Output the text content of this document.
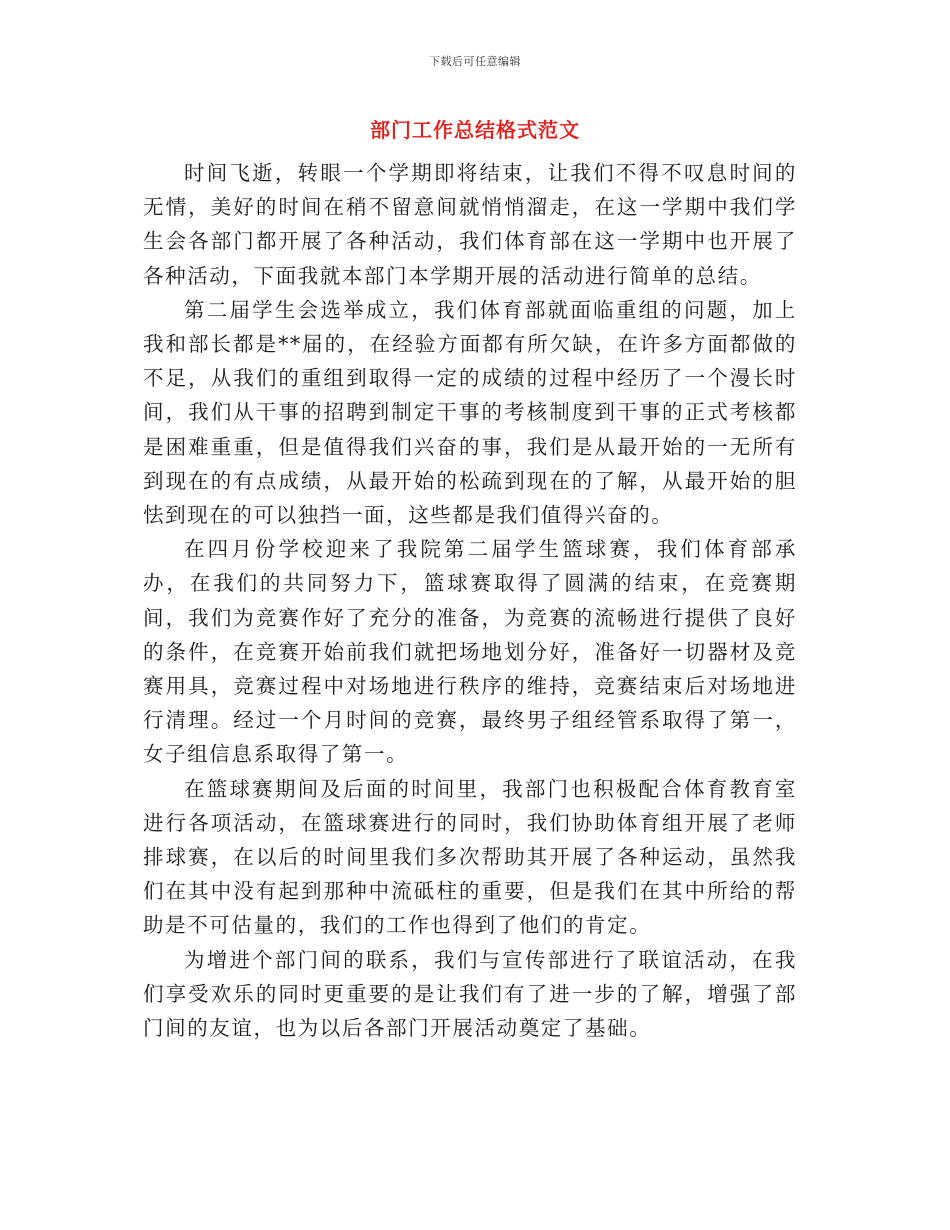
下载后可任意编辑
部门工作总结格式范文

时间飞逝，转眼一个学期即将结束，让我们不得不叹息时间的无情，美好的时间在稍不留意间就悄悄溜走，在这一学期中我们学生会各部门都开展了各种活动，我们体育部在这一学期中也开展了各种活动，下面我就本部门本学期开展的活动进行简单的总结。

第二届学生会选举成立，我们体育部就面临重组的问题，加上我和部长都是**届的，在经验方面都有所欠缺，在许多方面都做的不足，从我们的重组到取得一定的成绩的过程中经历了一个漫长时间，我们从干事的招聘到制定干事的考核制度到干事的正式考核都是困难重重，但是值得我们兴奋的事，我们是从最开始的一无所有到现在的有点成绩，从最开始的松疏到现在的了解，从最开始的胆怯到现在的可以独挡一面，这些都是我们值得兴奋的。

在四月份学校迎来了我院第二届学生篮球赛，我们体育部承办，在我们的共同努力下，篮球赛取得了圆满的结束，在竞赛期间，我们为竞赛作好了充分的准备，为竞赛的流畅进行提供了良好的条件，在竞赛开始前我们就把场地划分好，准备好一切器材及竞赛用具，竞赛过程中对场地进行秩序的维持，竞赛结束后对场地进行清理。经过一个月时间的竞赛，最终男子组经管系取得了第一，女子组信息系取得了第一。

在篮球赛期间及后面的时间里，我部门也积极配合体育教育室进行各项活动，在篮球赛进行的同时，我们协助体育组开展了老师排球赛，在以后的时间里我们多次帮助其开展了各种运动，虽然我们在其中没有起到那种中流砥柱的重要，但是我们在其中所给的帮助是不可估量的，我们的工作也得到了他们的肯定。

为增进个部门间的联系，我们与宣传部进行了联谊活动，在我们享受欢乐的同时更重要的是让我们有了进一步的了解，增强了部门间的友谊，也为以后各部门开展活动奠定了基础。
